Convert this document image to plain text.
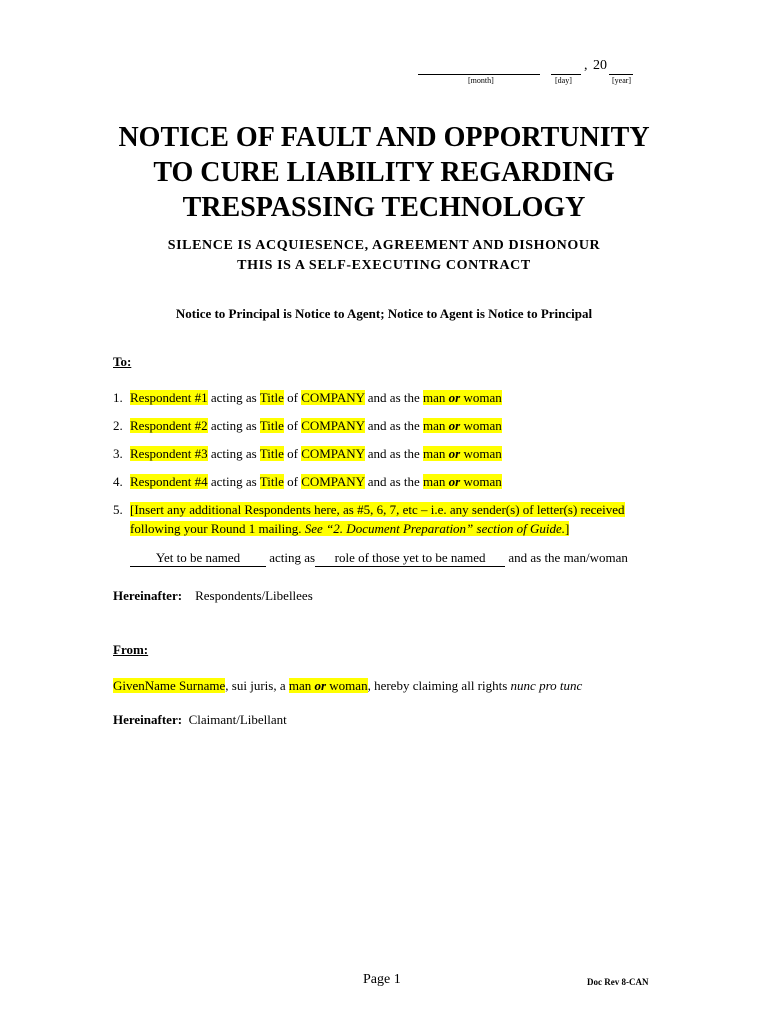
[month]	[day]
, 20
[year]
NOTICE OF FAULT AND OPPORTUNITY
TO CURE LIABILITY REGARDING
TRESPASSING TECHNOLOGY
SILENCE IS ACQUIESENCE, AGREEMENT AND DISHONOUR
THIS IS A SELF-EXECUTING CONTRACT
Notice to Principal is Notice to Agent; Notice to Agent is Notice to Principal
To:
1. Respondent #1 acting as Title of COMPANY and as the man or woman
2. Respondent #2 acting as Title of COMPANY and as the man or woman
3. Respondent #3 acting as Title of COMPANY and as the man or woman
4. Respondent #4 acting as Title of COMPANY and as the man or woman
5. [Insert any additional Respondents here, as #5, 6, 7, etc – i.e. any sender(s) of letter(s) received
following your Round 1 mailing. See “2. Document Preparation” section of Guide.]
Yet to be named acting as role of those yet to be named and as the man/woman
Hereinafter: Respondents/Libellees
From:
GivenName Surname, sui juris, a man or woman, hereby claiming all rights nunc pro tunc
Hereinafter: Claimant/Libellant
Page 1	Doc Rev 8-CAN
